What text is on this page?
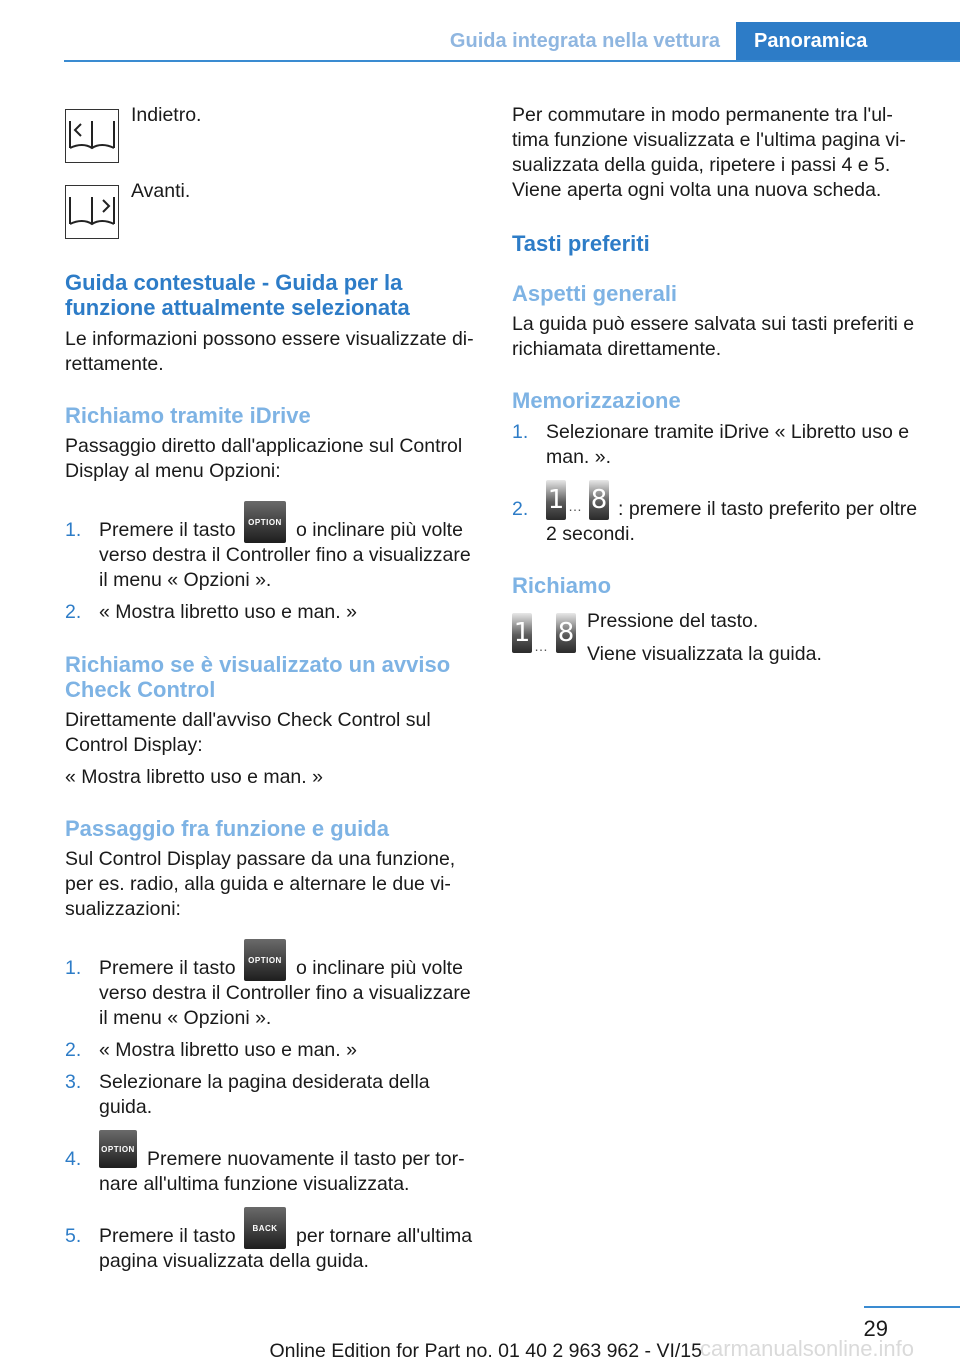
Guida integrata nella vettura	Panoramica
Indietro.
Avanti.
Guida contestuale - Guida per la
funzione attualmente selezionata
Le informazioni possono essere visualizzate di‐
rettamente.
Richiamo tramite iDrive
Passaggio diretto dall'applicazione sul Control
Display al menu Opzioni:
1. Premere il tasto	OPTION o inclinare più volte
verso destra il Controller fino a visualizzare
il menu « Opzioni ».
2. « Mostra libretto uso e man. »
Richiamo se è visualizzato un avviso
Check Control
Direttamente dall'avviso Check Control sul
Control Display:
« Mostra libretto uso e man. »
Passaggio fra funzione e guida
Sul Control Display passare da una funzione,
per es. radio, alla guida e alternare le due vi‐
sualizzazioni:
1. Premere il tasto	OPTION o inclinare più volte
verso destra il Controller fino a visualizzare
il menu « Opzioni ».
2. « Mostra libretto uso e man. »
3. Selezionare la pagina desiderata della
guida.
4. OPTION Premere nuovamente il tasto per tor‐
nare all'ultima funzione visualizzata.
5. Premere il tasto	BACK per tornare all'ultima
pagina visualizzata della guida.
Per commutare in modo permanente tra l'ul‐
tima funzione visualizzata e l'ultima pagina vi‐
sualizzata della guida, ripetere i passi 4 e 5.
Viene aperta ogni volta una nuova scheda.
Tasti preferiti
Aspetti generali
La guida può essere salvata sui tasti preferiti e
richiamata direttamente.
Memorizzazione
1. Selezionare tramite iDrive « Libretto uso e
man. ».
2. 1 … 8 : premere il tasto preferito per oltre
2 secondi.
Richiamo
1 … 8 Pressione del tasto.
Viene visualizzata la guida.
29
carmanualsonline.info
Online Edition for Part no. 01 40 2 963 962 - VI/15
